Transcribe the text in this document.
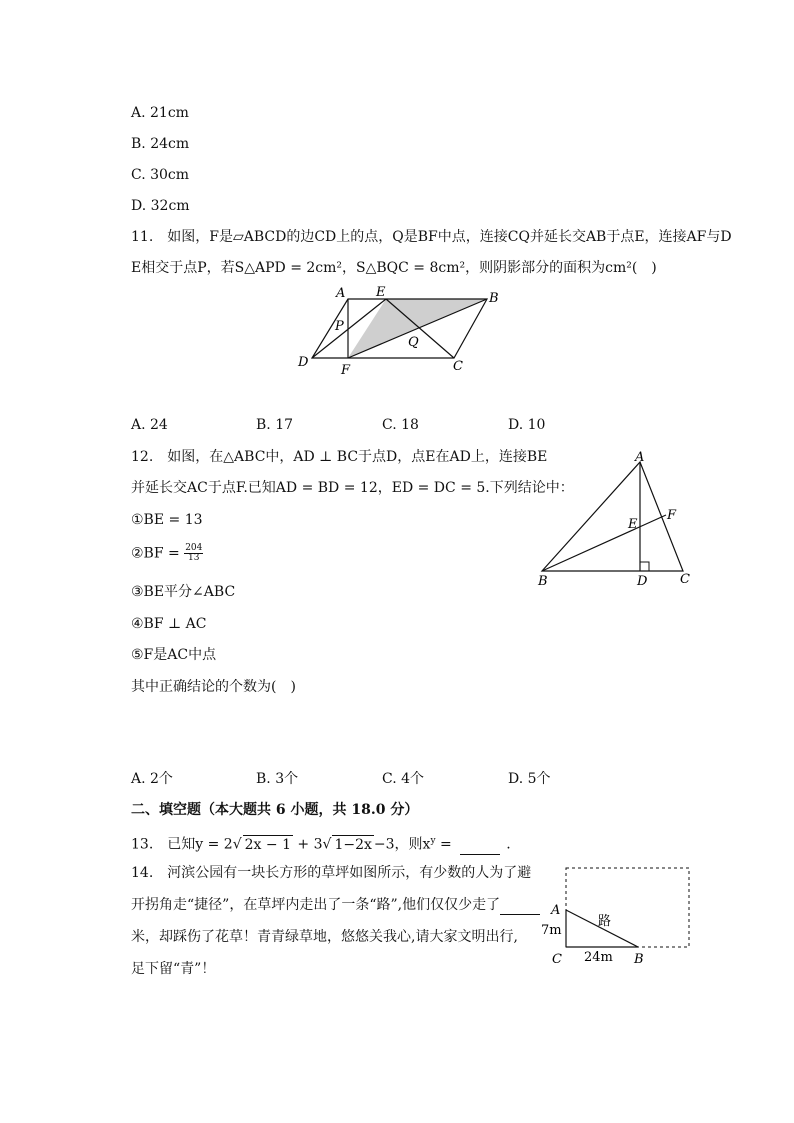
A. 21cm
B. 24cm
C. 30cm
D. 32cm
11. 如图，F是▱ABCD的边CD上的点，Q是BF中点，连接CQ并延长交AB于点E，连接AF与D
E相交于点P，若S△APD = 2cm²，S△BQC = 8cm²，则阴影部分的面积为cm²(　)
A E	B
P
Q
D
F	C
A. 24	B. 17	C. 18	D. 10
12. 如图，在△ABC中，AD ⊥ BC于点D，点E在AD上，连接BE
并延长交AC于点F.已知AD = BD = 12，ED = DC = 5.下列结论中：
①BE = 13
②BF = $\frac{204}{13}$
③BE平分∠ABC
④BF ⊥ AC
⑤F是AC中点
其中正确结论的个数为(　)
A
F
E
B	D	C
A. 2个	B. 3个	C. 4个	D. 5个
二、填空题（本大题共 6 小题，共 18.0 分）
13. 已知y = 2√ 2x − 1 + 3√ 1−2x −3，则$x^y$ =	.
14. 河滨公园有一块长方形的草坪如图所示，有少数的人为了避
开拐角走“捷径”，在草坪内走出了一条“路”,他们仅仅少走了
米，却踩伤了花草！青青绿草地，悠悠关我心,请大家文明出行,
足下留“青”！
A
7m
路
C 24m B
